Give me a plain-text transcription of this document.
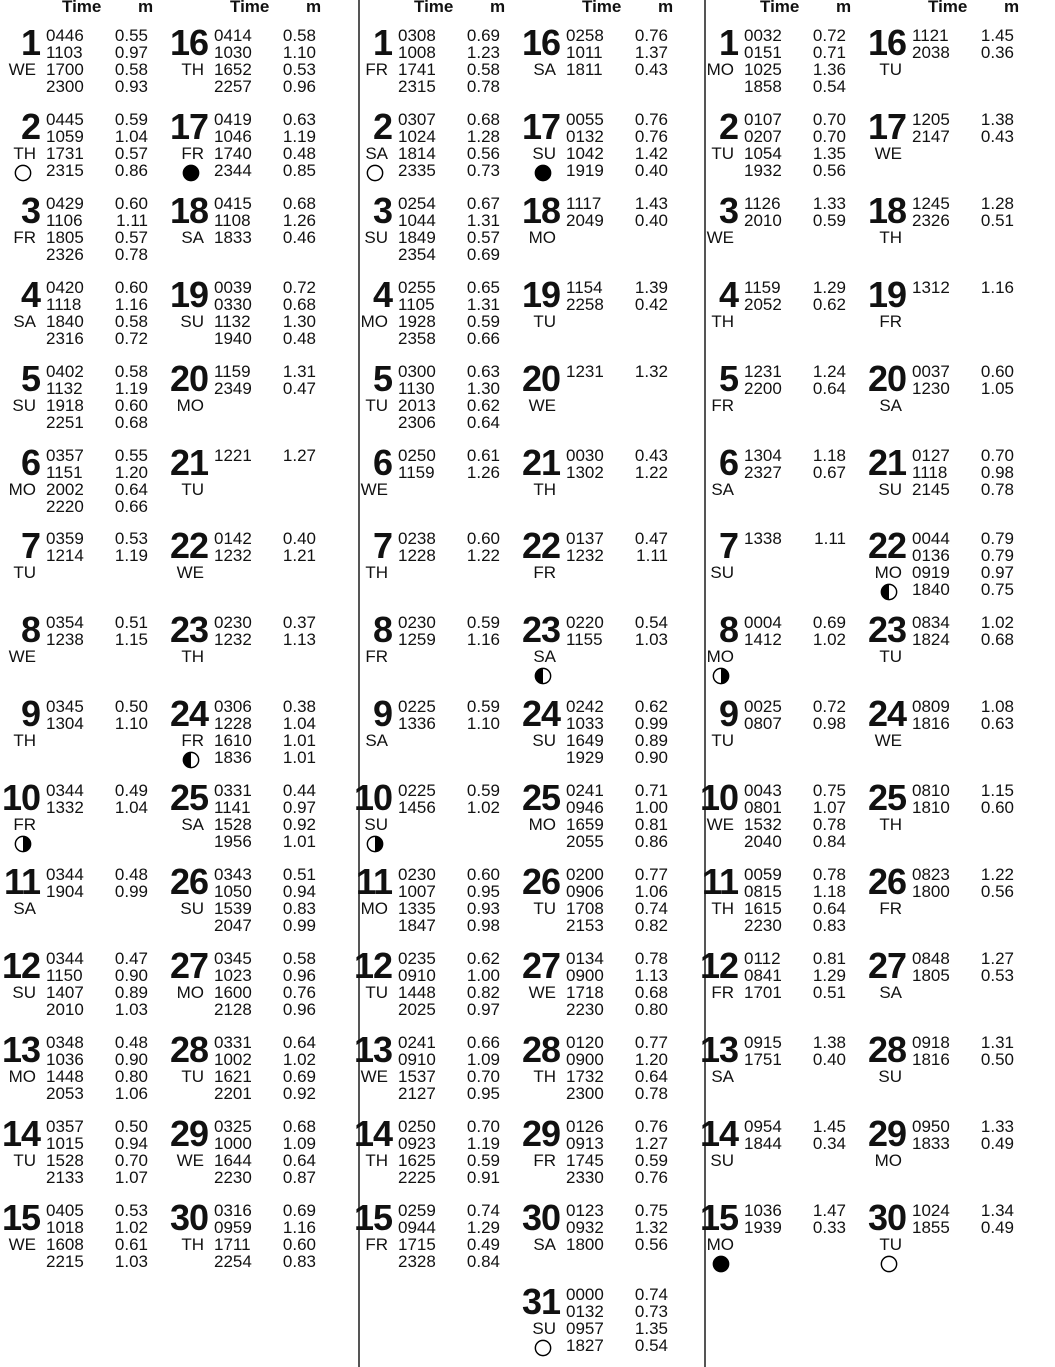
Time m	Time m
1
WE
0446 0.55
1103 0.97
1700 0.58
2300 0.93
2
TH
0445 0.59
1059 1.04
1731 0.57
2315 0.86
3
FR
0429 0.60
1106 1.11
1805 0.57
2326 0.78
4
SA
0420 0.60
1118 1.16
1840 0.58
2316 0.72
5
SU
0402 0.58
1132 1.19
1918 0.60
2251 0.68
6
MO
0357 0.55
1151 1.20
2002 0.64
2220 0.66
7
TU
0359 0.53
1214 1.19
8
WE
0354 0.51
1238 1.15
9
TH
0345 0.50
1304 1.10
10
FR
0344 0.49
1332 1.04
11
SA
0344 0.48
1904 0.99
12
SU
0344 0.47
1150 0.90
1407 0.89
2010 1.03
13
MO
0348 0.48
1036 0.90
1448 0.80
2053 1.06
14
TU
0357 0.50
1015 0.94
1528 0.70
2133 1.07
15
WE
0405 0.53
1018 1.02
1608 0.61
2215 1.03
16
TH
0414 0.58
1030 1.10
1652 0.53
2257 0.96
17
FR
0419 0.63
1046 1.19
1740 0.48
2344 0.85
18
SA
0415 0.68
1108 1.26
1833 0.46
19
SU
0039 0.72
0330 0.68
1132 1.30
1940 0.48
20
MO
1159 1.31
2349 0.47
21
TU
1221 1.27
22
WE
0142 0.40
1232 1.21
23
TH
0230 0.37
1232 1.13
24
FR
0306 0.38
1228 1.04
1610 1.01
1836 1.01
25
SA
0331 0.44
1141 0.97
1528 0.92
1956 1.01
26
SU
0343 0.51
1050 0.94
1539 0.83
2047 0.99
27
MO
0345 0.58
1023 0.96
1600 0.76
2128 0.96
28
TU
0331 0.64
1002 1.02
1621 0.69
2201 0.92
29
WE
0325 0.68
1000 1.09
1644 0.64
2230 0.87
30
TH
0316 0.69
0959 1.16
1711 0.60
2254 0.83
Time m	Time m
1
FR
0308 0.69
1008 1.23
1741 0.58
2315 0.78
2
SA
0307 0.68
1024 1.28
1814 0.56
2335 0.73
3
SU
0254 0.67
1044 1.31
1849 0.57
2354 0.69
4
MO
0255 0.65
1105 1.31
1928 0.59
2358 0.66
5
TU
0300 0.63
1130 1.30
2013 0.62
2306 0.64
6
WE
0250 0.61
1159 1.26
7
TH
0238 0.60
1228 1.22
8
FR
0230 0.59
1259 1.16
9
SA
0225 0.59
1336 1.10
10
SU
0225 0.59
1456 1.02
11
MO
0230 0.60
1007 0.95
1335 0.93
1847 0.98
12
TU
0235 0.62
0910 1.00
1448 0.82
2025 0.97
13
WE
0241 0.66
0910 1.09
1537 0.70
2127 0.95
14
TH
0250 0.70
0923 1.19
1625 0.59
2225 0.91
15
FR
0259 0.74
0944 1.29
1715 0.49
2328 0.84
16
SA
0258 0.76
1011 1.37
1811 0.43
17
SU
0055 0.76
0132 0.76
1042 1.42
1919 0.40
18
MO
1117 1.43
2049 0.40
19
TU
1154 1.39
2258 0.42
20
WE
1231 1.32
21
TH
0030 0.43
1302 1.22
22
FR
0137 0.47
1232 1.11
23
SA
0220 0.54
1155 1.03
24
SU
0242 0.62
1033 0.99
1649 0.89
1929 0.90
25
MO
0241 0.71
0946 1.00
1659 0.81
2055 0.86
26
TU
0200 0.77
0906 1.06
1708 0.74
2153 0.82
27
WE
0134 0.78
0900 1.13
1718 0.68
2230 0.80
28
TH
0120 0.77
0900 1.20
1732 0.64
2300 0.78
29
FR
0126 0.76
0913 1.27
1745 0.59
2330 0.76
30
SA
0123 0.75
0932 1.32
1800 0.56
31
SU
0000 0.74
0132 0.73
0957 1.35
1827 0.54
Time m	Time m
1
MO
0032 0.72
0151 0.71
1025 1.36
1858 0.54
2
TU
0107 0.70
0207 0.70
1054 1.35
1932 0.56
3
WE
1126 1.33
2010 0.59
4
TH
1159 1.29
2052 0.62
5
FR
1231 1.24
2200 0.64
6
SA
1304 1.18
2327 0.67
7
SU
1338 1.11
8
MO
0004 0.69
1412 1.02
9
TU
0025 0.72
0807 0.98
10
WE
0043 0.75
0801 1.07
1532 0.78
2040 0.84
11
TH
0059 0.78
0815 1.18
1615 0.64
2230 0.83
12
FR
0112 0.81
0841 1.29
1701 0.51
13
SA
0915 1.38
1751 0.40
14
SU
0954 1.45
1844 0.34
15
MO
1036 1.47
1939 0.33
16
TU
1121 1.45
2038 0.36
17
WE
1205 1.38
2147 0.43
18
TH
1245 1.28
2326 0.51
19
FR
1312 1.16
20
SA
0037 0.60
1230 1.05
21
SU
0127 0.70
1118 0.98
2145 0.78
22
MO
0044 0.79
0136 0.79
0919 0.97
1840 0.75
23
TU
0834 1.02
1824 0.68
24
WE
0809 1.08
1816 0.63
25
TH
0810 1.15
1810 0.60
26
FR
0823 1.22
1800 0.56
27
SA
0848 1.27
1805 0.53
28
SU
0918 1.31
1816 0.50
29
MO
0950 1.33
1833 0.49
30
TU
1024 1.34
1855 0.49
